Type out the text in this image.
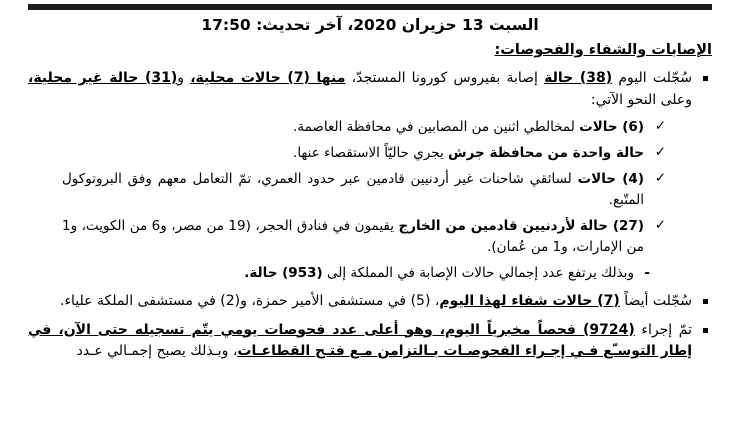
السبت 13 حزيران 2020، آخر تحديث: 17:50
الإصابات والشفاء والفحوصات:
سُجّلت اليوم (38) حالة إصابة بفيروس كورونا المستجدّ، منها (7) حالات محلية، و(31) حالة غير محلية، وعلى النحو الآتي:
✓ (6) حالات لمخالطي اثنين من المصابين في محافظة العاصمة.
✓ حالة واحدة من محافظة جرش يجري حاليّاً الاستقصاء عنها.
✓ (4) حالات لسائقي شاحنات غير أردنيين قادمين عبر حدود العمري، تمّ التعامل معهم وفق البروتوكول المتّبع.
✓ (27) حالة لأردنيين قادمين من الخارج يقيمون في فنادق الحجر، (19 من مصر، و6 من الكويت، و1 من الإمارات، و1 من عُمان).
- وبذلك يرتفع عدد إجمالي حالات الإصابة في المملكة إلى (953) حالة.
سُجّلت أيضاً (7) حالات شفاء لهذا اليوم، (5) في مستشفى الأمير حمزة، و(2) في مستشفى الملكة علياء.
تمّ إجراء (9724) فحصاً مخبرياً اليوم، وهو أعلى عدد فحوصات يومي يتّم تسجيله حتى الآن، في إطار التوسـّع فـي إجـراء الفحوصـات بـالتزامن مـع فتـح القطاعـات، وبـذلك يصبح إجمـالي عـدد
